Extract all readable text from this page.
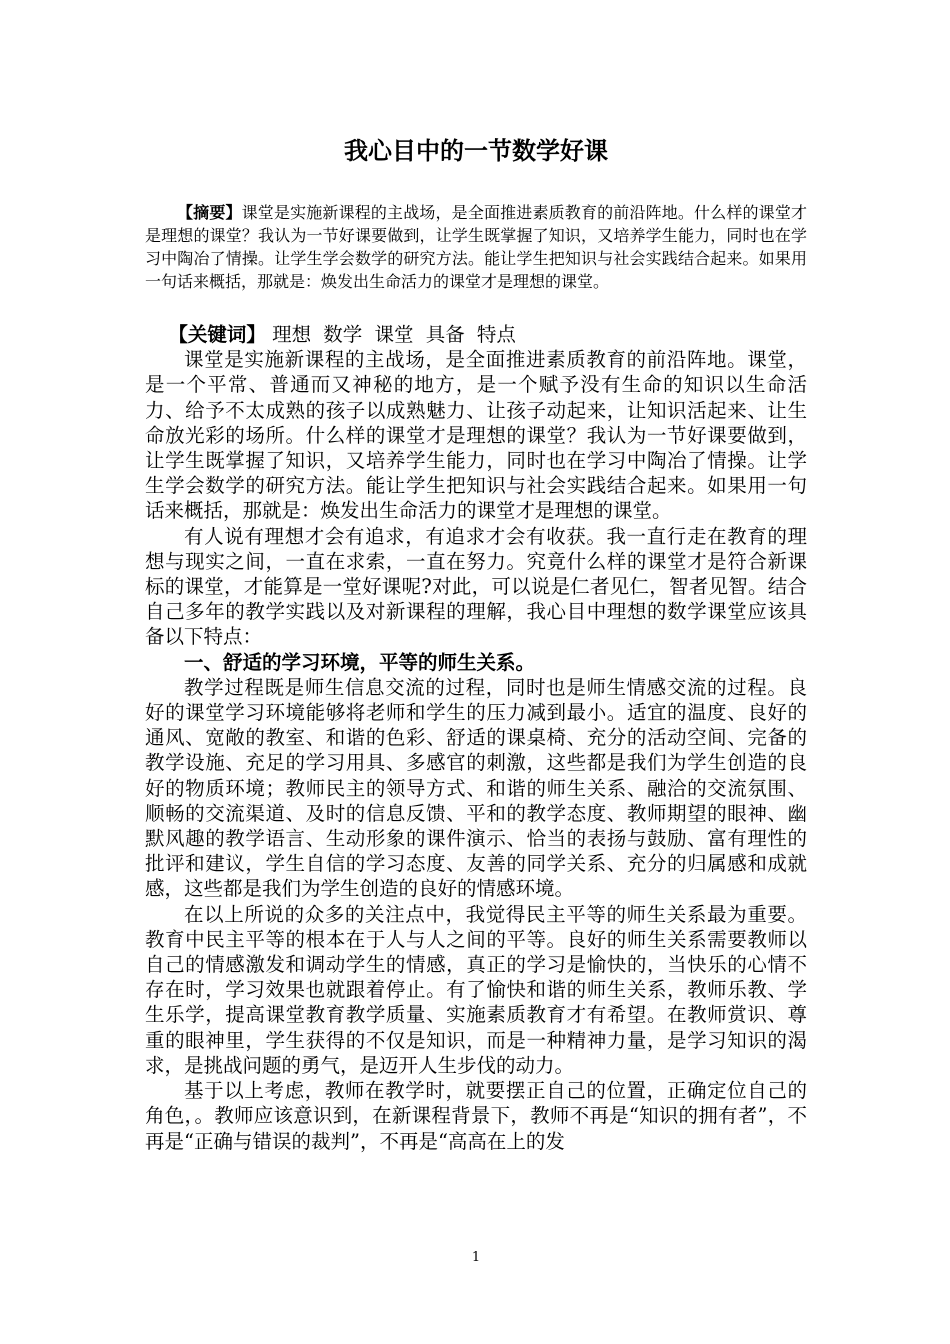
我心目中的一节数学好课

【摘要】课堂是实施新课程的主战场，是全面推进素质教育的前沿阵地。什么样的课堂才是理想的课堂？我认为一节好课要做到，让学生既掌握了知识，又培养学生能力，同时也在学习中陶冶了情操。让学生学会数学的研究方法。能让学生把知识与社会实践结合起来。如果用一句话来概括，那就是：焕发出生命活力的课堂才是理想的课堂。

【关键词】 理想 数学 课堂 具备 特点

课堂是实施新课程的主战场，是全面推进素质教育的前沿阵地。课堂，是一个平常、普通而又神秘的地方，是一个赋予没有生命的知识以生命活力、给予不太成熟的孩子以成熟魅力、让孩子动起来，让知识活起来、让生命放光彩的场所。什么样的课堂才是理想的课堂？我认为一节好课要做到，让学生既掌握了知识，又培养学生能力，同时也在学习中陶冶了情操。让学生学会数学的研究方法。能让学生把知识与社会实践结合起来。如果用一句话来概括，那就是：焕发出生命活力的课堂才是理想的课堂。

有人说有理想才会有追求，有追求才会有收获。我一直行走在教育的理想与现实之间，一直在求索，一直在努力。究竟什么样的课堂才是符合新课标的课堂，才能算是一堂好课呢?对此，可以说是仁者见仁，智者见智。结合自己多年的教学实践以及对新课程的理解，我心目中理想的数学课堂应该具备以下特点：

一、舒适的学习环境，平等的师生关系。

教学过程既是师生信息交流的过程，同时也是师生情感交流的过程。良好的课堂学习环境能够将老师和学生的压力减到最小。适宜的温度、良好的通风、宽敞的教室、和谐的色彩、舒适的课桌椅、充分的活动空间、完备的教学设施、充足的学习用具、多感官的刺激，这些都是我们为学生创造的良好的物质环境；教师民主的领导方式、和谐的师生关系、融洽的交流氛围、顺畅的交流渠道、及时的信息反馈、平和的教学态度、教师期望的眼神、幽默风趣的教学语言、生动形象的课件演示、恰当的表扬与鼓励、富有理性的批评和建议，学生自信的学习态度、友善的同学关系、充分的归属感和成就感，这些都是我们为学生创造的良好的情感环境。

在以上所说的众多的关注点中，我觉得民主平等的师生关系最为重要。教育中民主平等的根本在于人与人之间的平等。良好的师生关系需要教师以自己的情感激发和调动学生的情感，真正的学习是愉快的，当快乐的心情不存在时，学习效果也就跟着停止。有了愉快和谐的师生关系，教师乐教、学生乐学，提高课堂教育教学质量、实施素质教育才有希望。在教师赏识、尊重的眼神里，学生获得的不仅是知识，而是一种精神力量，是学习知识的渴求，是挑战问题的勇气，是迈开人生步伐的动力。

基于以上考虑，教师在教学时，就要摆正自己的位置，正确定位自己的角色，。教师应该意识到，在新课程背景下，教师不再是“知识的拥有者”，不再是“正确与错误的裁判”，不再是“高高在上的发

1
